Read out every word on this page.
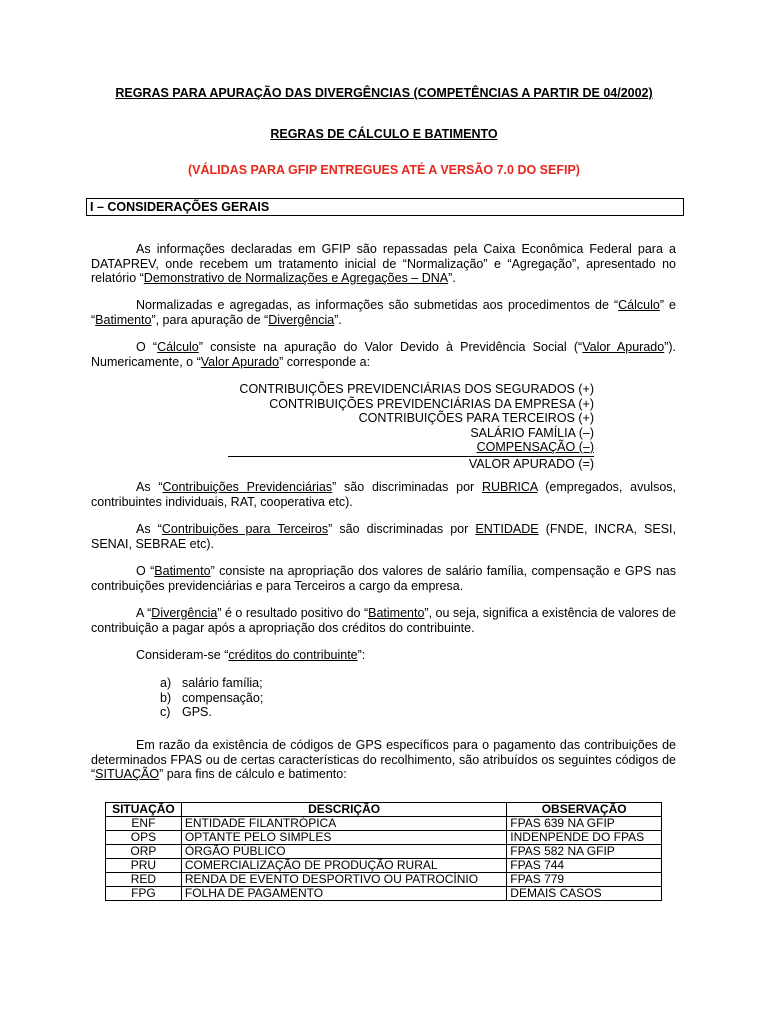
REGRAS PARA APURAÇÃO DAS DIVERGÊNCIAS (COMPETÊNCIAS A PARTIR DE 04/2002)
REGRAS DE CÁLCULO E BATIMENTO
(VÁLIDAS PARA GFIP ENTREGUES ATÉ A VERSÃO 7.0 DO SEFIP)
I – CONSIDERAÇÕES GERAIS
As informações declaradas em GFIP são repassadas pela Caixa Econômica Federal para a DATAPREV, onde recebem um tratamento inicial de “Normalização” e “Agregação”, apresentado no relatório “Demonstrativo de Normalizações e Agregações – DNA”.
Normalizadas e agregadas, as informações são submetidas aos procedimentos de “Cálculo” e “Batimento”, para apuração de “Divergência”.
O “Cálculo” consiste na apuração do Valor Devido à Previdência Social (“Valor Apurado”). Numericamente, o “Valor Apurado” corresponde a:
CONTRIBUIÇÕES PREVIDENCIÁRIAS DOS SEGURADOS (+)
CONTRIBUIÇÕES PREVIDENCIÁRIAS DA EMPRESA (+)
CONTRIBUIÇÕES PARA TERCEIROS (+)
SALÁRIO FAMÍLIA (–)
COMPENSAÇÃO (–)
VALOR APURADO (=)
As “Contribuições Previdenciárias” são discriminadas por RUBRICA (empregados, avulsos, contribuintes individuais, RAT, cooperativa etc).
As “Contribuições para Terceiros” são discriminadas por ENTIDADE (FNDE, INCRA, SESI, SENAI, SEBRAE etc).
O “Batimento” consiste na apropriação dos valores de salário família, compensação e GPS nas contribuições previdenciárias e para Terceiros a cargo da empresa.
A “Divergência” é o resultado positivo do “Batimento”, ou seja, significa a existência de valores de contribuição a pagar após a apropriação dos créditos do contribuinte.
Consideram-se “créditos do contribuinte”:
a) salário família;
b) compensação;
c) GPS.
Em razão da existência de códigos de GPS específicos para o pagamento das contribuições de determinados FPAS ou de certas características do recolhimento, são atribuídos os seguintes códigos de “SITUAÇÃO” para fins de cálculo e batimento:
SITUAÇÃO	DESCRIÇÃO	OBSERVAÇÃO
ENF	ENTIDADE FILANTRÓPICA	FPAS 639 NA GFIP
OPS	OPTANTE PELO SIMPLES	INDENPENDE DO FPAS
ORP	ÓRGÃO PÚBLICO	FPAS 582 NA GFIP
PRU	COMERCIALIZAÇÃO DE PRODUÇÃO RURAL	FPAS 744
RED	RENDA DE EVENTO DESPORTIVO OU PATROCÍNIO	FPAS 779
FPG	FOLHA DE PAGAMENTO	DEMAIS CASOS
